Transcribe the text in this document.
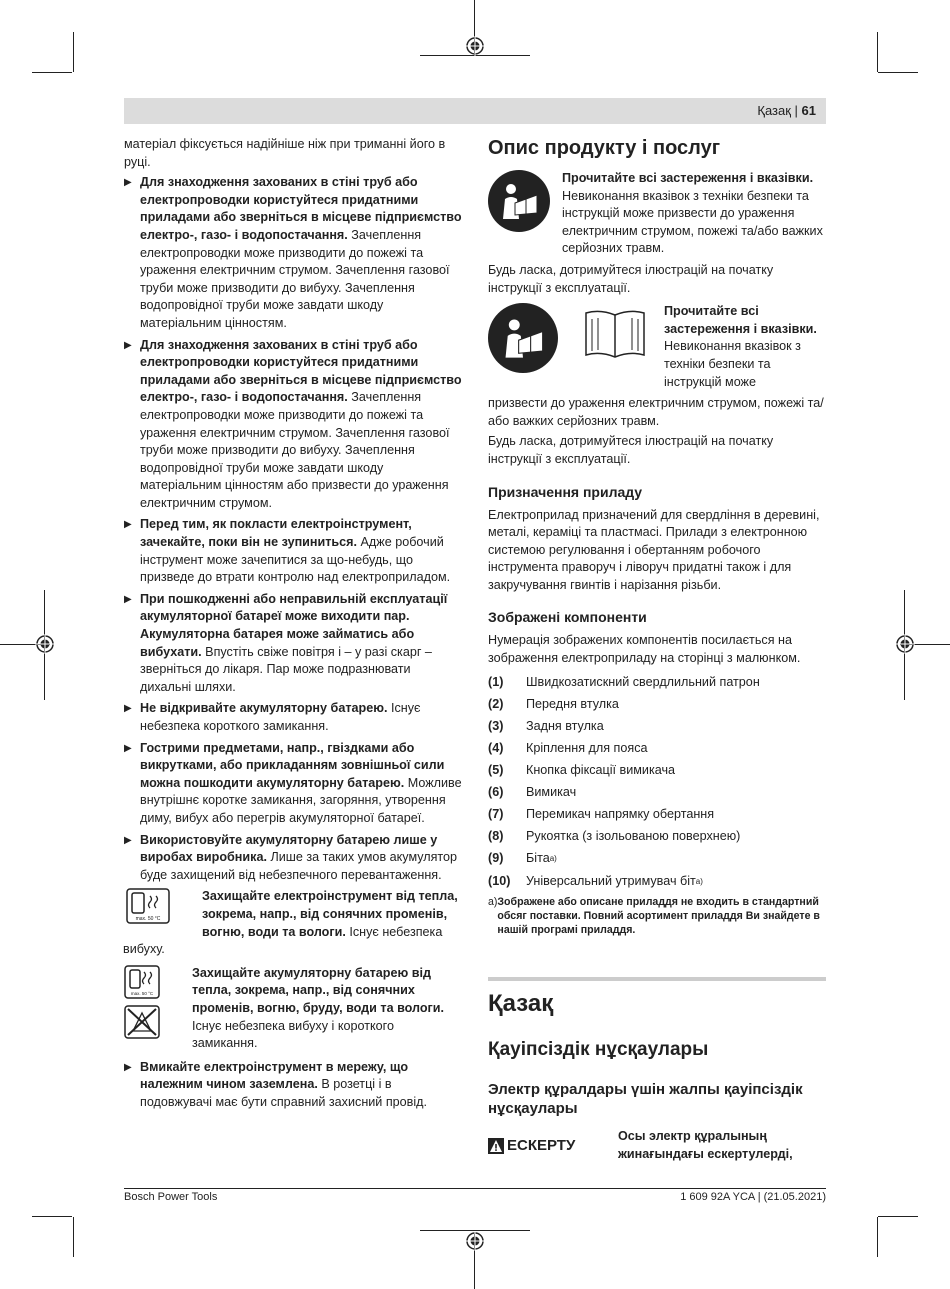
Қазақ | 61

матеріал фіксується надійніше ніж при триманні його в руці.

▶ Для знаходження захованих в стіні труб або електропроводки користуйтеся придатними приладами або зверніться в місцеве підприємство електро-, газо- і водопостачання. Зачеплення електропроводки може призводити до пожежі та ураження електричним струмом. Зачеплення газової труби може призводити до вибуху. Зачеплення водопровідної труби може завдати шкоду матеріальним цінностям.
▶ Для знаходження захованих в стіні труб або електропроводки користуйтеся придатними приладами або зверніться в місцеве підприємство електро-, газо- і водопостачання. Зачеплення електропроводки може призводити до пожежі та ураження електричним струмом. Зачеплення газової труби може призводити до вибуху. Зачеплення водопровідної труби може завдати шкоду матеріальним цінностям або призвести до ураження електричним струмом.
▶ Перед тим, як покласти електроінструмент, зачекайте, поки він не зупиниться. Адже робочий інструмент може зачепитися за що-небудь, що призведе до втрати контролю над електроприладом.
▶ При пошкодженні або неправильній експлуатації акумуляторної батареї може виходити пар. Акумуляторна батарея може займатись або вибухати. Впустіть свіже повітря і – у разі скарг – зверніться до лікаря. Пар може подразнювати дихальні шляхи.
▶ Не відкривайте акумуляторну батарею. Існує небезпека короткого замикання.
▶ Гострими предметами, напр., гвіздками або викрутками, або прикладанням зовнішньої сили можна пошкодити акумуляторну батарею. Можливе внутрішнє коротке замикання, загоряння, утворення диму, вибух або перегрів акумуляторної батареї.
▶ Використовуйте акумуляторну батарею лише у виробах виробника. Лише за таких умов акумулятор буде захищений від небезпечного перевантаження.
max. 50 °C
Захищайте електроінструмент від тепла, зокрема, напр., від сонячних променів, вогню, води та вологи. Існує небезпека

вибуху.

max. 50 °C
Захищайте акумуляторну батарею від тепла, зокрема, напр., від сонячних променів, вогню, бруду, води та вологи. Існує небезпека вибуху і короткого замикання.
▶ Вмикайте електроінструмент в мережу, що належним чином заземлена. В розетці і в подовжувачі має бути справний захисний провід.
Опис продукту і послуг
Прочитайте всі застереження і вказівки. Невиконання вказівок з техніки безпеки та інструкцій може призвести до ураження електричним струмом, пожежі та/або важких серйозних травм.

Будь ласка, дотримуйтеся ілюстрацій на початку інструкції з експлуатації.

Прочитайте всі застереження і вказівки. Невиконання вказівок з техніки безпеки та інструкцій може

призвести до ураження електричним струмом, пожежі та/або важких серйозних травм.

Будь ласка, дотримуйтеся ілюстрацій на початку інструкції з експлуатації.

Призначення приладу

Електроприлад призначений для свердління в деревині, металі, кераміці та пластмасі. Прилади з електронною системою регулювання і обертанням робочого інструмента праворуч і ліворуч придатні також і для закручування гвинтів і нарізання різьби.

Зображені компоненти

Нумерація зображених компонентів посилається на зображення електроприладу на сторінці з малюнком.

(1)	Швидкозатискний свердлильний патрон
(2)	Передня втулка
(3)	Задня втулка
(4)	Кріплення для пояса
(5)	Кнопка фіксації вимикача
(6)	Вимикач
(7)	Перемикач напрямку обертання
(8)	Рукоятка (з ізольованою поверхнею)
(9)	Біта a)
(10)	Універсальний утримувач біт a)
a) Зображене або описане приладдя не входить в стандартний обсяг поставки. Повний асортимент приладдя Ви знайдете в нашій програмі приладдя.
Қазақ
Қауіпсіздік нұсқаулары
Электр құралдары үшін жалпы қауіпсіздік нұсқаулары
ЕСКЕРТУ
Осы электр құралының жинағындағы ескертулерді,
Bosch Power Tools	1 609 92A YCA | (21.05.2021)
